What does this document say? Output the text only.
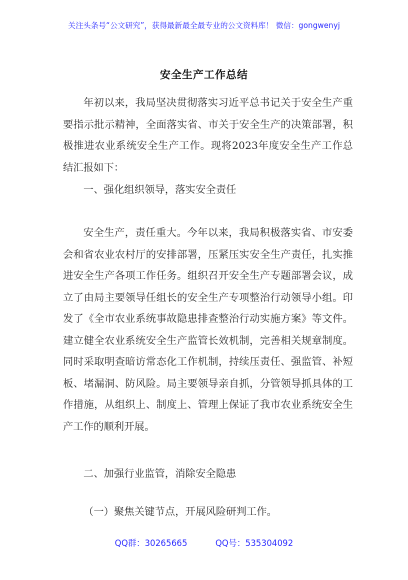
关注头条号“公文研究”，获得最新最全最专业的公文资料库！ 微信：gongwenyj
安全生产工作总结

年初以来，我局坚决贯彻落实习近平总书记关于安全生产重要指示批示精神，全面落实省、市关于安全生产的决策部署，积极推进农业系统安全生产工作。现将2023年度安全生产工作总结汇报如下：

一、强化组织领导，落实安全责任

安全生产，责任重大。今年以来，我局积极落实省、市安委会和省农业农村厅的安排部署，压紧压实安全生产责任，扎实推进安全生产各项工作任务。组织召开安全生产专题部署会议，成立了由局主要领导任组长的安全生产专项整治行动领导小组。印发了《全市农业系统事故隐患排查整治行动实施方案》等文件。建立健全农业系统安全生产监管长效机制，完善相关规章制度。同时采取明查暗访常态化工作机制，持续压责任、强监管、补短板、堵漏洞、防风险。局主要领导亲自抓，分管领导抓具体的工作措施，从组织上、制度上、管理上保证了我市农业系统安全生产工作的顺利开展。

二、加强行业监管，消除安全隐患
（一）聚焦关键节点，开展风险研判工作。
QQ群：30265665	QQ号：535304092
